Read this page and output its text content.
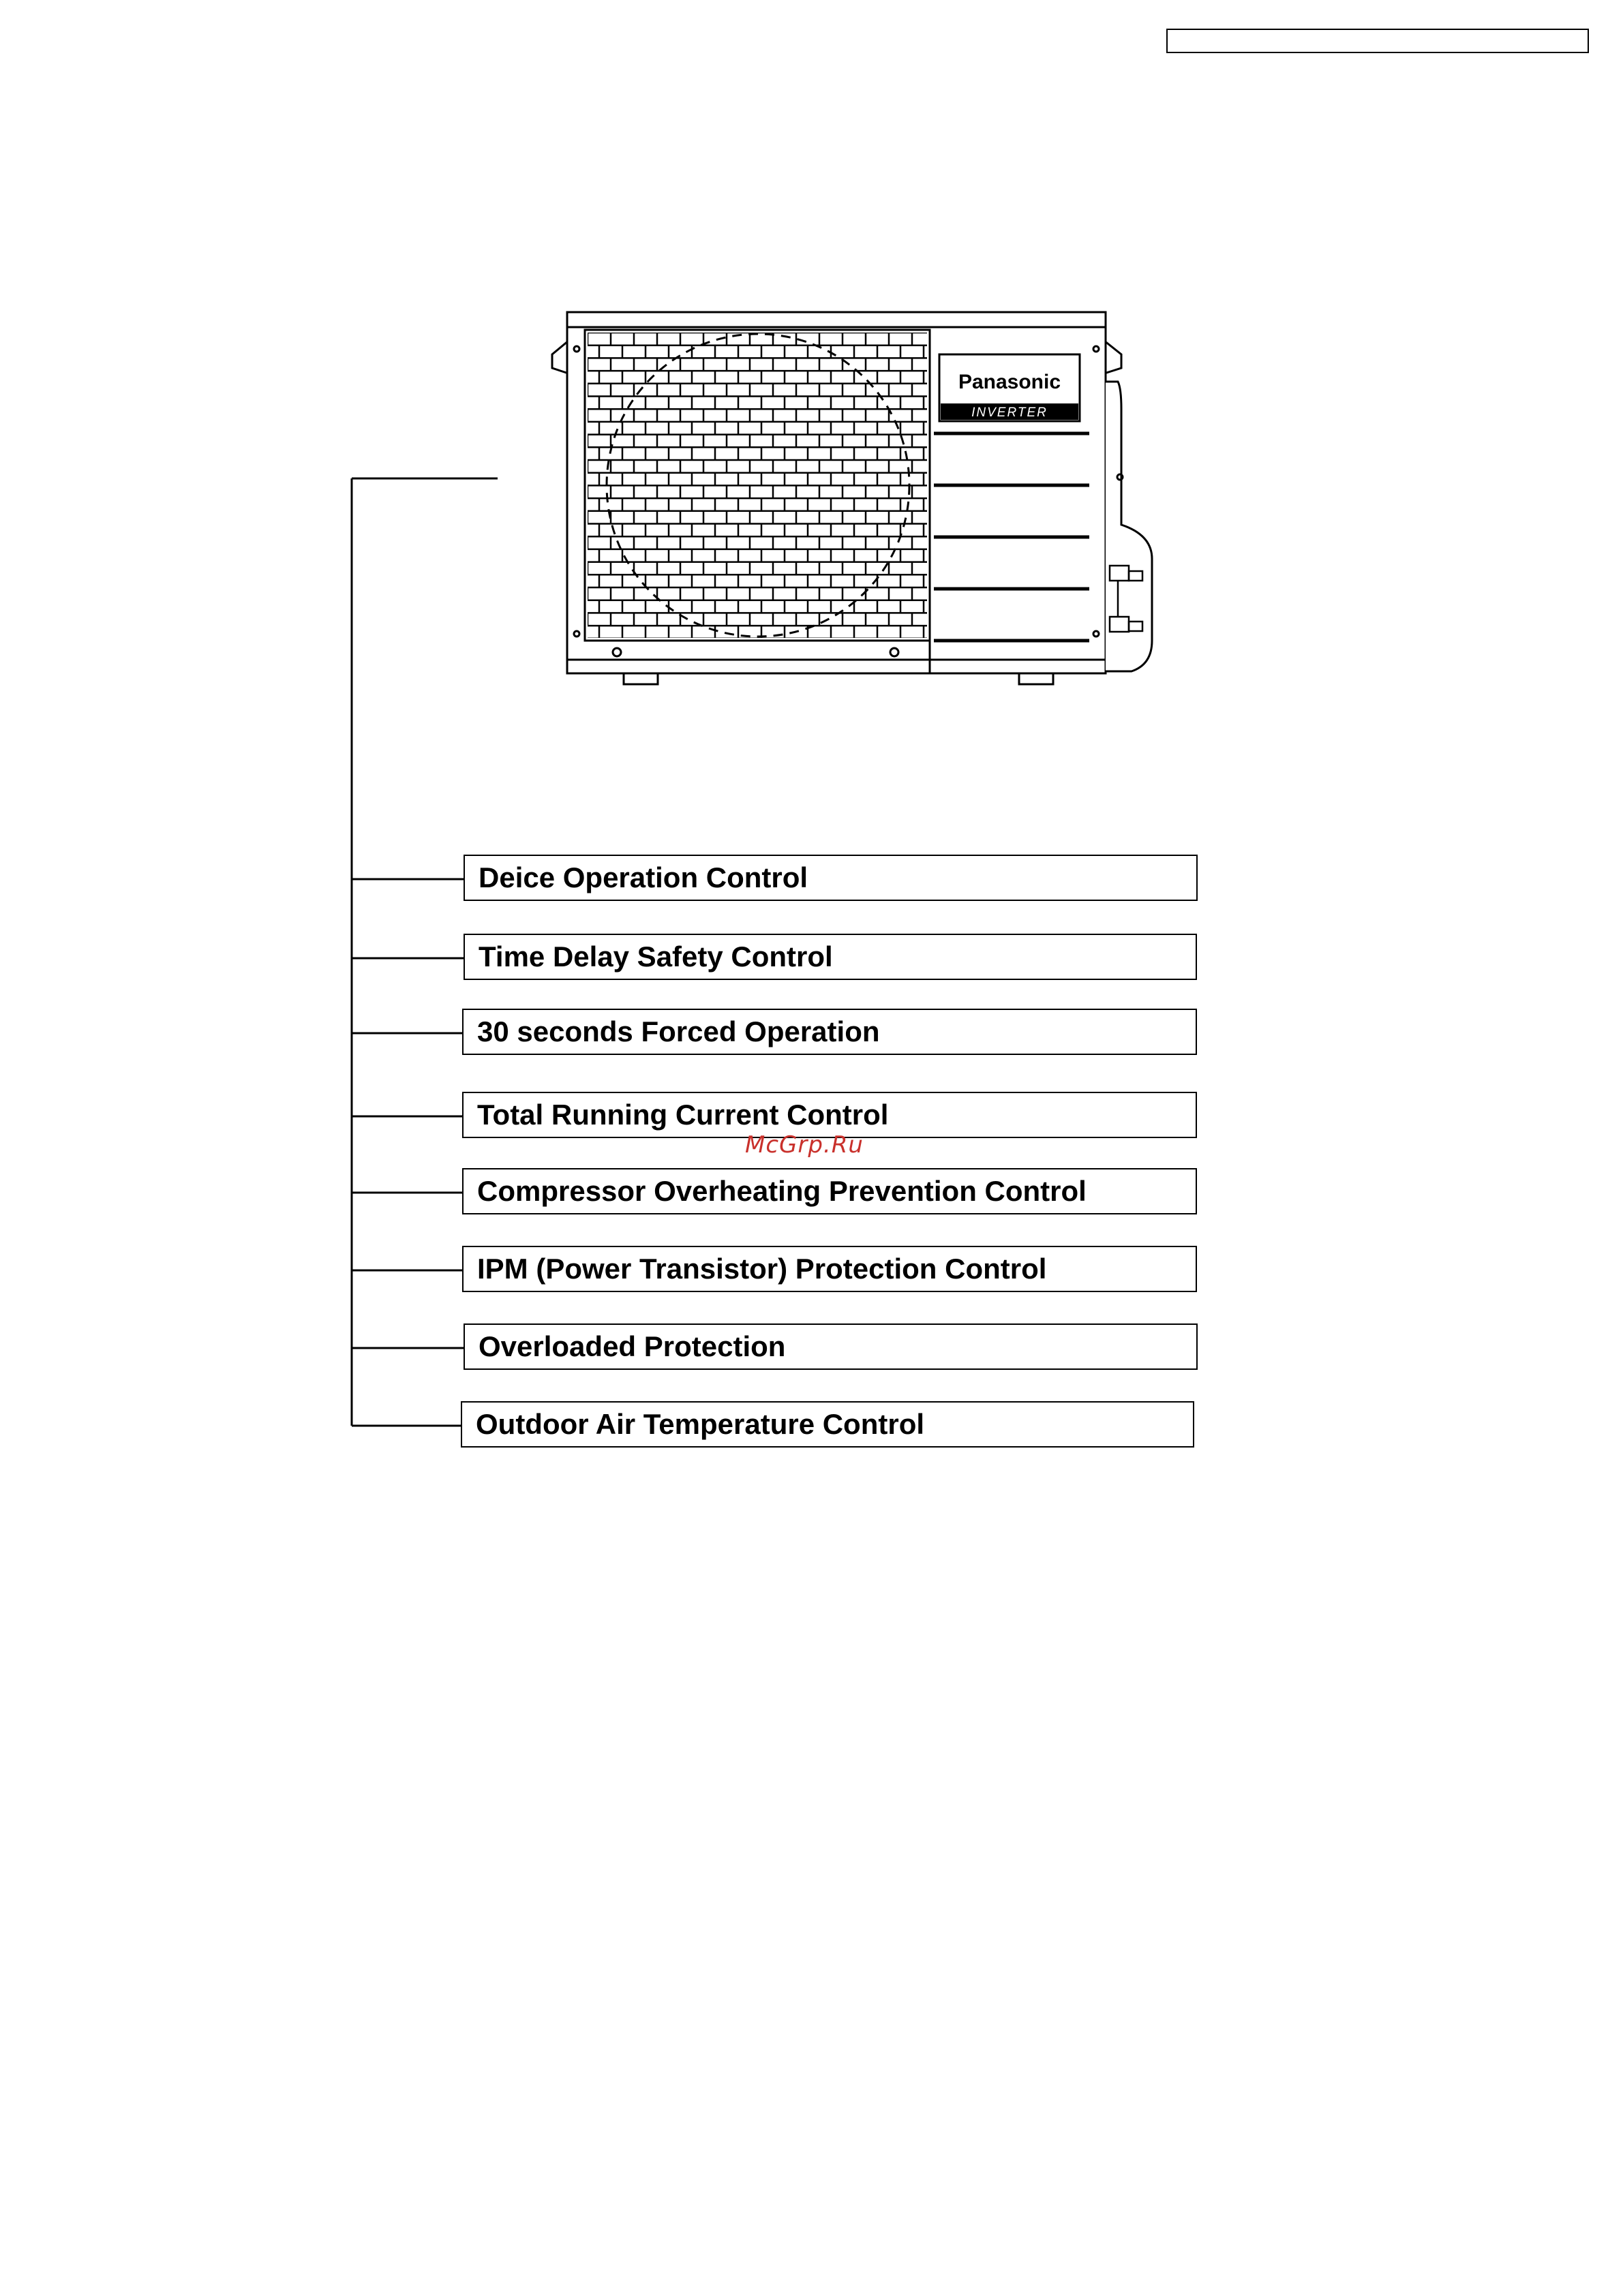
Panasonic
INVERTER
Deice Operation Control
Time Delay Safety Control
30 seconds Forced Operation
Total Running Current Control
Compressor Overheating Prevention Control
IPM (Power Transistor) Protection Control
Overloaded Protection
Outdoor Air Temperature Control
McGrp.Ru
